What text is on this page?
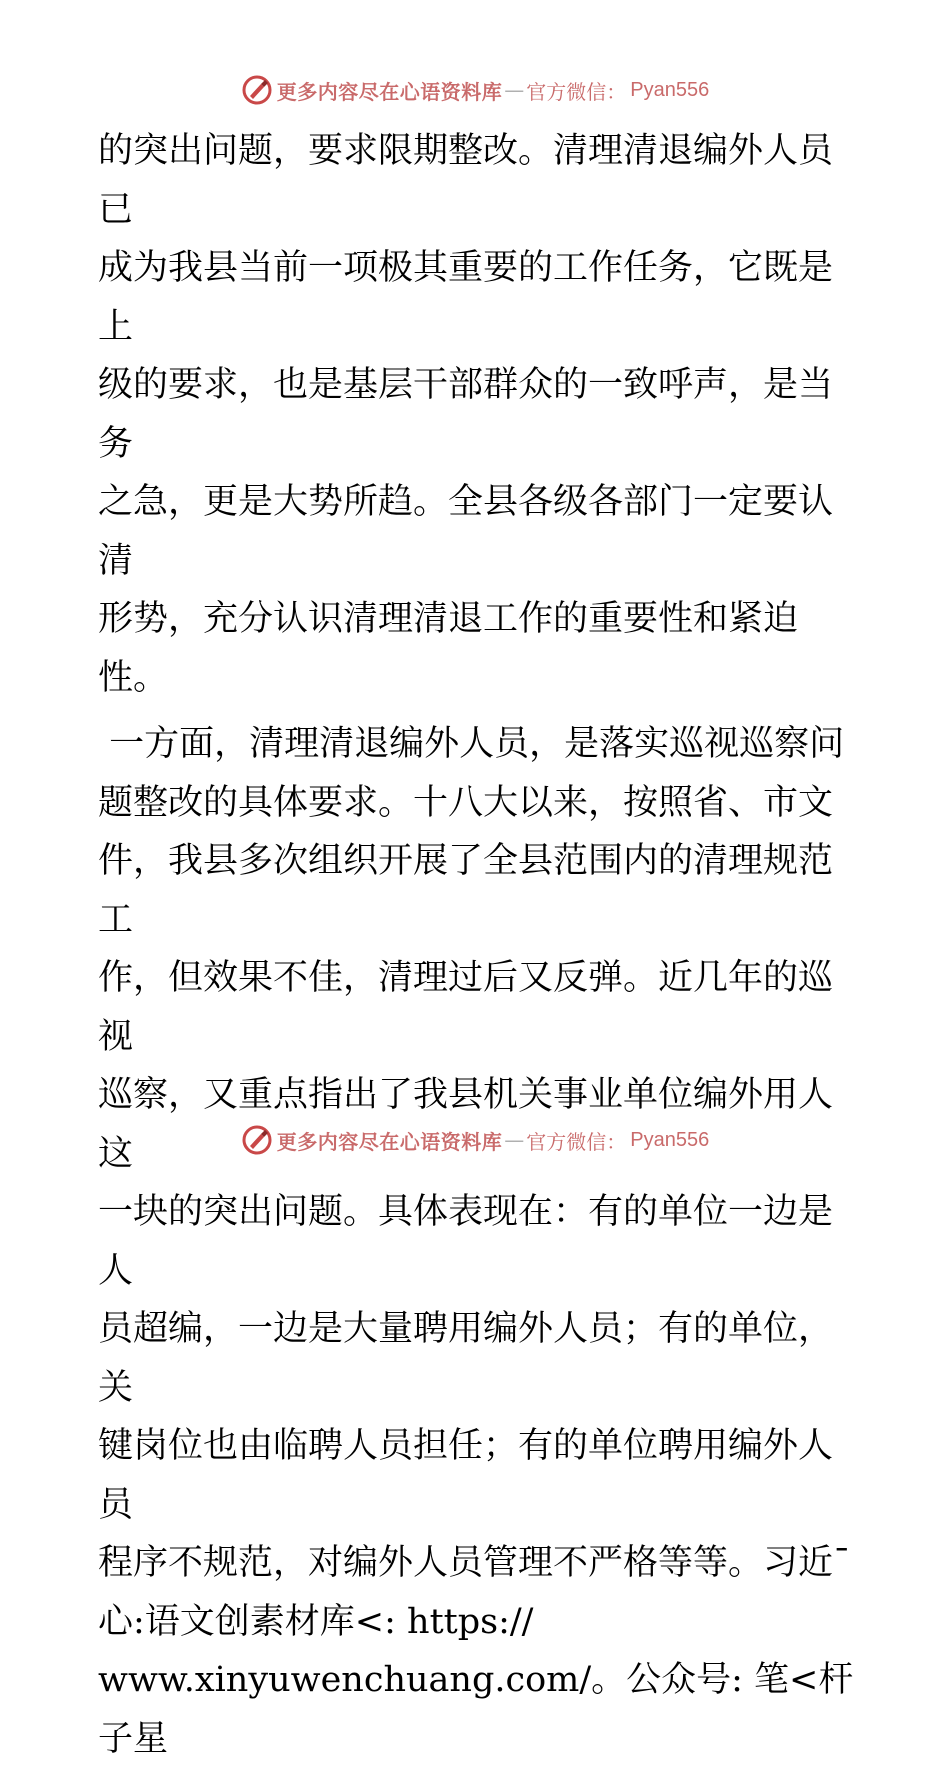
更多内容尽在心语资料库 — 官方微信： Pyan556

的突出问题，要求限期整改。清理清退编外人员已

成为我县当前一项极其重要的工作任务，它既是上

级的要求，也是基层干部群众的一致呼声，是当务

之急，更是大势所趋。全县各级各部门一定要认清

形势，充分认识清理清退工作的重要性和紧迫性。

一方面，清理清退编外人员，是落实巡视巡察问

题整改的具体要求。十八大以来，按照省、市文

件，我县多次组织开展了全县范围内的清理规范工

作，但效果不佳，清理过后又反弹。近几年的巡视

巡察，又重点指出了我县机关事业单位编外用人这

一块的突出问题。具体表现在：有的单位一边是人

员超编，一边是大量聘用编外人员；有的单位，关

键岗位也由临聘人员担任；有的单位聘用编外人员

程序不规范，对编外人员管理不严格等等。习近¯

心:语文创素材库<: https://

www.xinyuwenchuang.com/。公众号: 笔<杆子星

更多内容尽在心语资料库 — 官方微信： Pyan556
